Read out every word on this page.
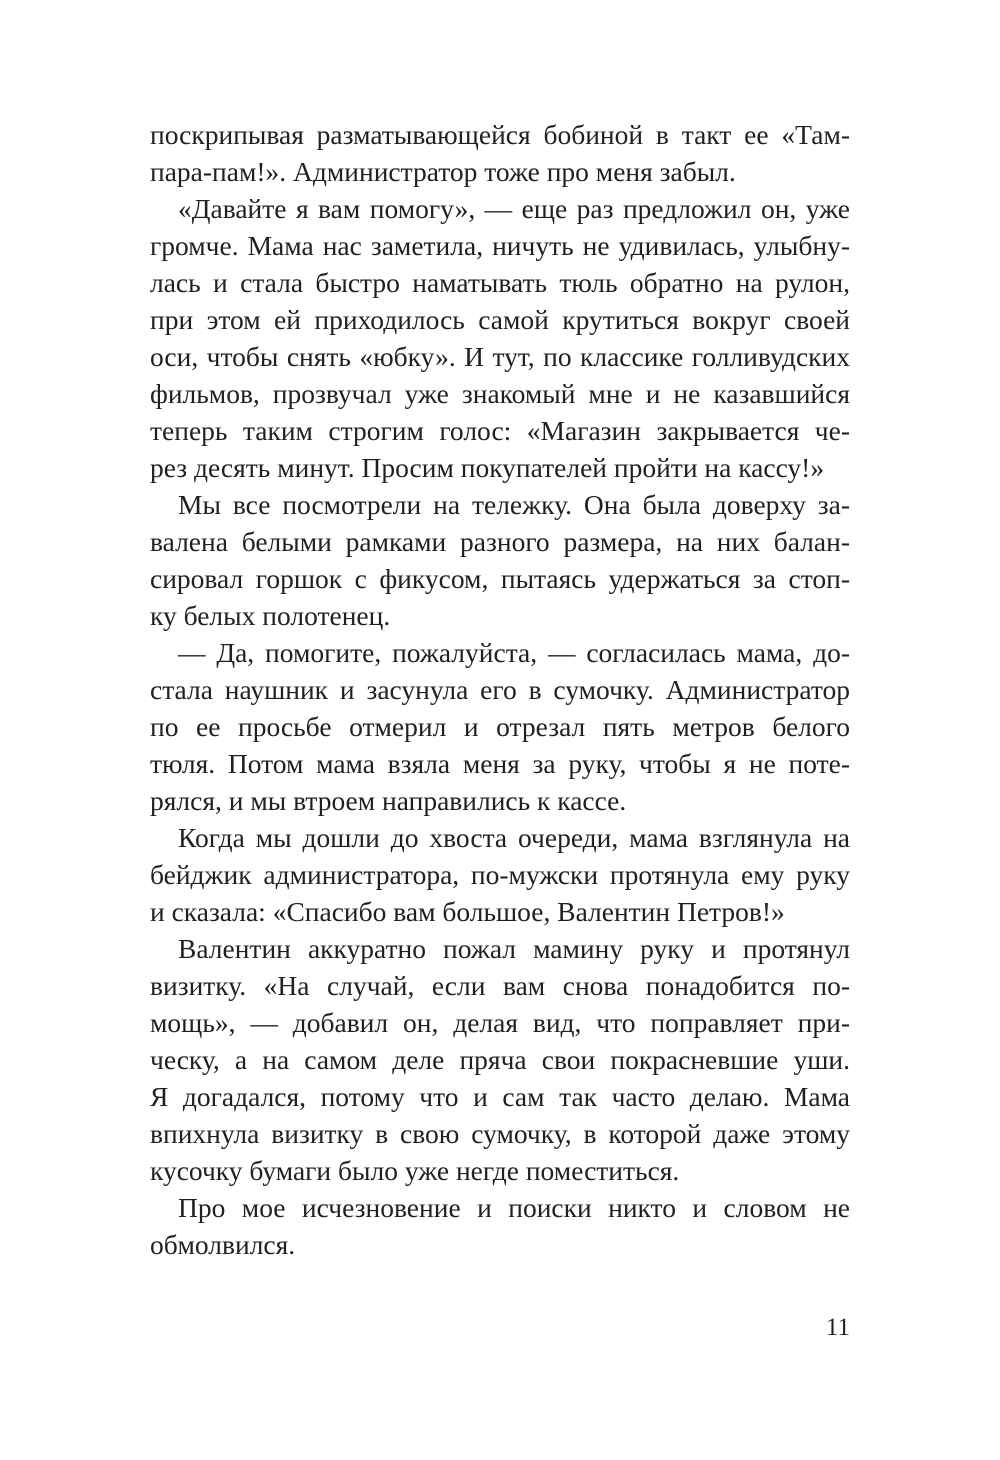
поскрипывая разматывающейся бобиной в такт ее «Там-
пара-пам!». Администратор тоже про меня забыл.
«Давайте я вам помогу», — еще раз предложил он, уже
громче. Мама нас заметила, ничуть не удивилась, улыбну-
лась и стала быстро наматывать тюль обратно на рулон,
при этом ей приходилось самой крутиться вокруг своей
оси, чтобы снять «юбку». И тут, по классике голливудских
фильмов, прозвучал уже знакомый мне и не казавшийся
теперь таким строгим голос: «Магазин закрывается че-
рез десять минут. Просим покупателей пройти на кассу!»
Мы все посмотрели на тележку. Она была доверху за-
валена белыми рамками разного размера, на них балан-
сировал горшок с фикусом, пытаясь удержаться за стоп-
ку белых полотенец.
— Да, помогите, пожалуйста, — согласилась мама, до-
стала наушник и засунула его в сумочку. Администратор
по ее просьбе отмерил и отрезал пять метров белого
тюля. Потом мама взяла меня за руку, чтобы я не поте-
рялся, и мы втроем направились к кассе.
Когда мы дошли до хвоста очереди, мама взглянула на
бейджик администратора, по-мужски протянула ему руку
и сказала: «Спасибо вам большое, Валентин Петров!»
Валентин аккуратно пожал мамину руку и протянул
визитку. «На случай, если вам снова понадобится по-
мощь», — добавил он, делая вид, что поправляет при-
ческу, а на самом деле пряча свои покрасневшие уши.
Я догадался, потому что и сам так часто делаю. Мама
впихнула визитку в свою сумочку, в которой даже этому
кусочку бумаги было уже негде поместиться.
Про мое исчезновение и поиски никто и словом не
обмолвился.
11
